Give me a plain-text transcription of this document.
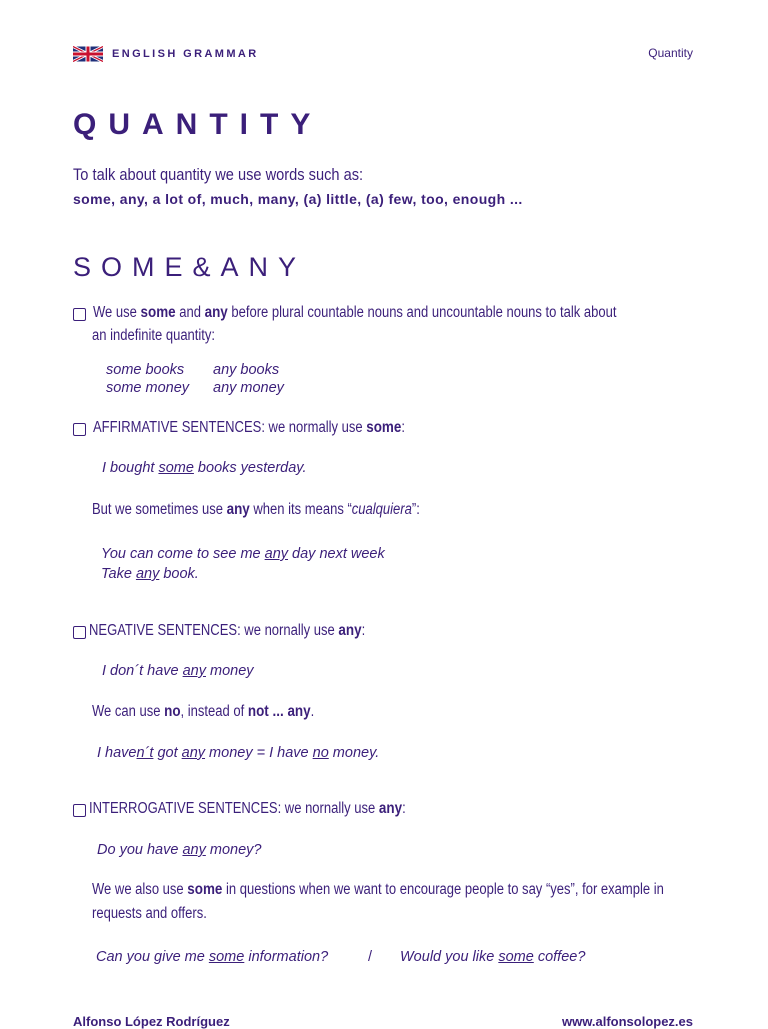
ENGLISH GRAMMAR	Quantity
QUANTITY
To talk about quantity we use words such as:
some, any, a lot of, much, many, (a) little, (a) few, too, enough ...
SOME&ANY
We use some and any before plural countable nouns and uncountable nouns to talk about
an indefinite quantity:
some books	any books
some money	any money
AFFIRMATIVE SENTENCES: we normally use some:
I bought some books yesterday.
But we sometimes use any when its means “cualquiera”:
You can come to see me any day next week
Take any book.
NEGATIVE SENTENCES: we nornally use any:
I don´t have any money
We can use no, instead of not ... any.
I haven´t got any money = I have no money.
INTERROGATIVE SENTENCES: we nornally use any:
Do you have any money?
We we also use some in questions when we want to encourage people to say “yes”, for example in
requests and offers.
Can you give me some information?	/ Would you like some coffee?
Alfonso López Rodríguez	www.alfonsolopez.es
